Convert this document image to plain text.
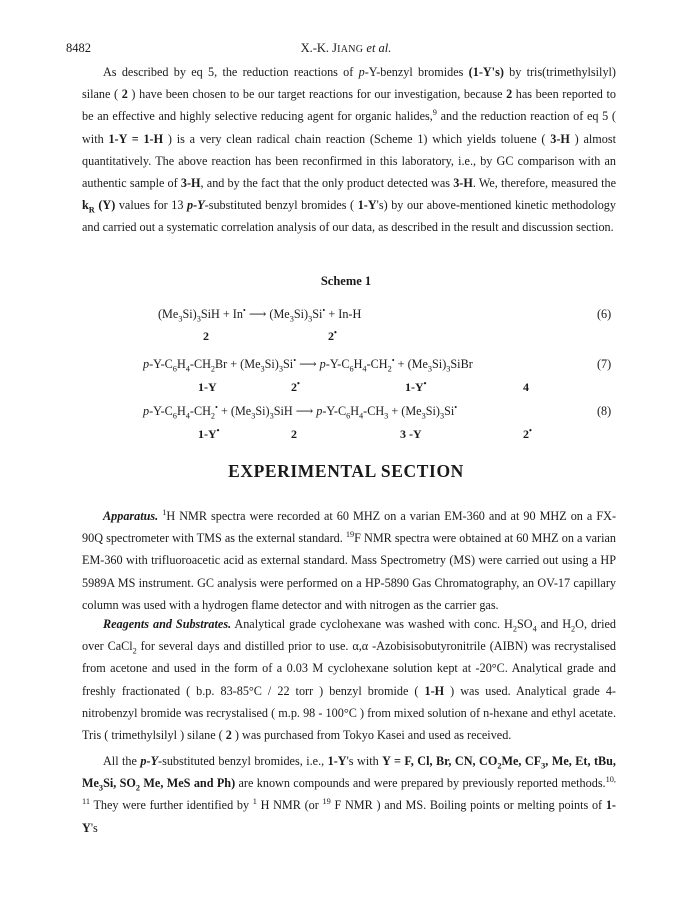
8482	X.-K. JIANG et al.

As described by eq 5, the reduction reactions of p-Y-benzyl bromides (1-Y's) by tris(trimethylsilyl) silane ( 2 ) have been chosen to be our target reactions for our investigation, because 2 has been reported to be an effective and highly selective reducing agent for organic halides,$^9$ and the reduction reaction of eq 5 ( with 1-Y = 1-H ) is a very clean radical chain reaction (Scheme 1) which yields toluene ( 3-H ) almost quantitatively. The above reaction has been reconfirmed in this laboratory, i.e., by GC comparison with an authentic sample of 3-H, and by the fact that the only product detected was 3-H. We, therefore, measured the $k_R$ (Y) values for 13 p-Y-substituted benzyl bromides ( 1-Y's) by our above-mentioned kinetic methodology and carried out a systematic correlation analysis of our data, as described in the result and discussion section.

Scheme 1
$(Me_3Si)_3SiH + In^•$ ⟶ $(Me_3Si)_3Si^• + In-H$	(6)
2	2•
$p-Y-C_6H_4-CH_2Br + (Me_3Si)_3Si^•$ ⟶ $p-Y-C_6H_4-CH_2^•$ + $(Me_3Si)_3SiBr$	(7)
1-Y	2•	1-Y•	4
$p-Y-C_6H_4-CH_2^• + (Me_3Si)_3SiH$ ⟶ $p-Y-C_6H_4-CH_3 + (Me_3Si)_3Si^•$	(8)
1-Y•	2	3 -Y	2•
EXPERIMENTAL SECTION

Apparatus. $^1$H NMR spectra were recorded at 60 MHZ on a varian EM-360 and at 90 MHZ on a FX-90Q spectrometer with TMS as the external standard. $^{19}$F NMR spectra were obtained at 60 MHZ on a varian EM-360 with trifluoroacetic acid as external standard. Mass Spectrometry (MS) were carried out using a HP 5989A MS instrument. GC analysis were performed on a HP-5890 Gas Chromatography, an OV-17 capillary column was used with a hydrogen flame detector and with nitrogen as the carrier gas.

Reagents and Substrates. Analytical grade cyclohexane was washed with conc. $H_2SO_4$ and $H_2O$, dried over CaCl$_2$ for several days and distilled prior to use. α,α -Azobisisobutyronitrile (AIBN) was recrystalised from acetone and used in the form of a 0.03 M cyclohexane solution kept at -20°C. Analytical grade and freshly fractionated ( b.p. 83-85°C / 22 torr ) benzyl bromide ( 1-H ) was used. Analytical grade 4-nitrobenzyl bromide was recrystalised ( m.p. 98 - 100°C ) from mixed solution of n-hexane and ethyl acetate. Tris ( trimethylsilyl ) silane ( 2 ) was purchased from Tokyo Kasei and used as received.

All the p-Y-substituted benzyl bromides, i.e., 1-Y's with Y = F, Cl, Br, CN, $CO_2Me$, $CF_3$, Me, Et, tBu, $Me_3Si$, $SO_2$ Me, MeS and Ph) are known compounds and were prepared by previously reported methods.$^{10, 11}$ They were further identified by $^1$ H NMR (or $^{19}$ F NMR ) and MS. Boiling points or melting points of 1-Y's
